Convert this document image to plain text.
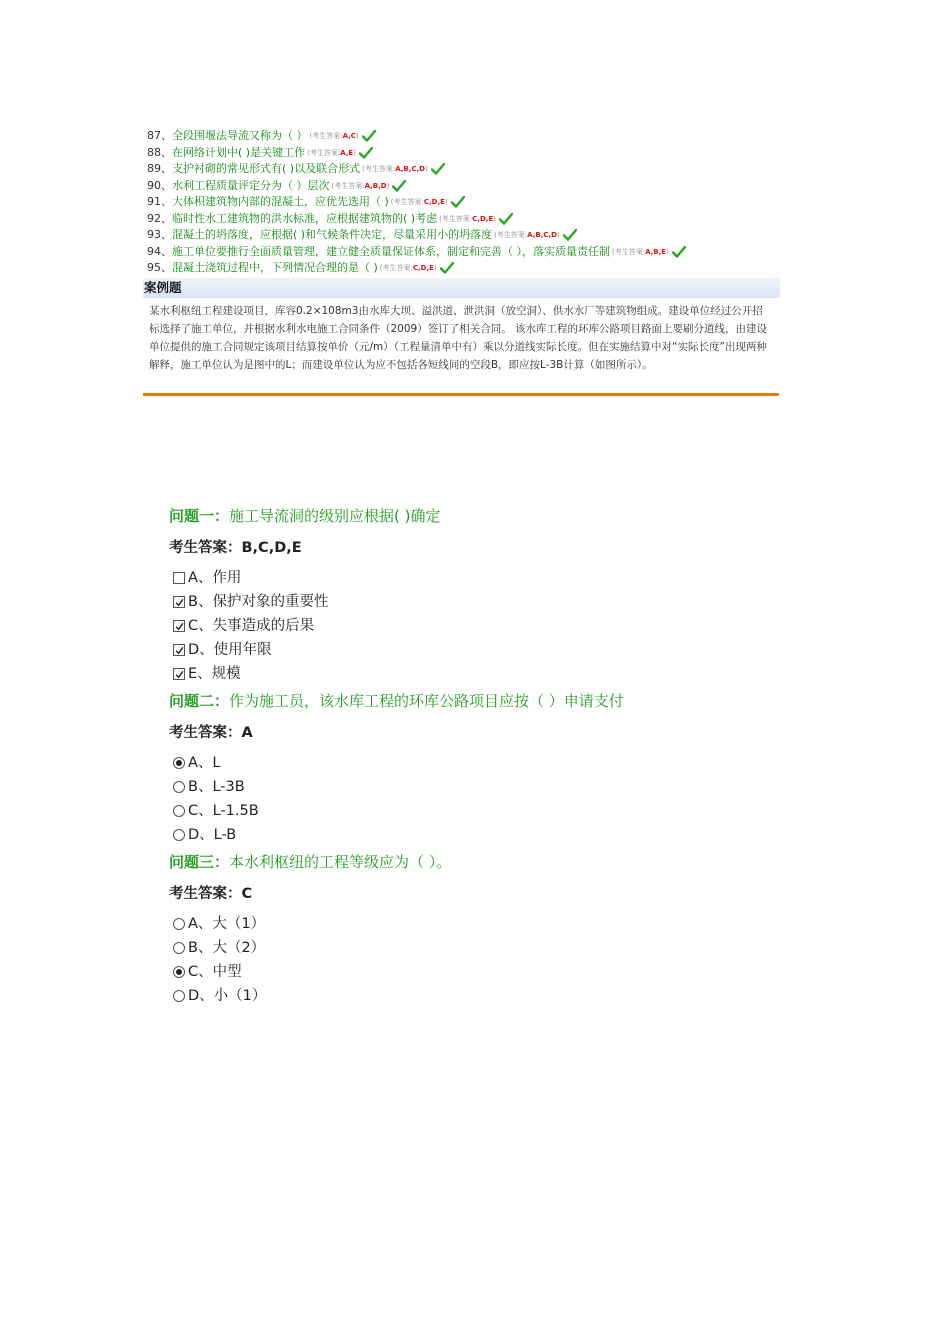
87、 全段围堰法导流又称为（ ） (考生答案:A,C)
88、 在网络计划中( )是关键工作 (考生答案:A,E)
89、 支护衬砌的常见形式有( )以及联合形式 (考生答案:A,B,C,D)
90、 水利工程质量评定分为（ ）层次 (考生答案:A,B,D)
91、 大体积建筑物内部的混凝土，应优先选用（ ) (考生答案:C,D,E)
92、 临时性水工建筑物的洪水标准，应根据建筑物的( )考虑 (考生答案:C,D,E)
93、 混凝土的坍落度，应根据( )和气候条件决定，尽量采用小的坍落度 (考生答案:A,B,C,D)
94、 施工单位要推行全面质量管理，建立健全质量保证体系，制定和完善（ ），落实质量责任制 (考生答案:A,B,E)
95、 混凝土浇筑过程中，下列情况合理的是（ ) (考生答案:C,D,E)
案例题

某水利枢纽工程建设项目，库容0.2×108m3由水库大坝、溢洪道、泄洪洞（放空洞）、供水水厂等建筑物组成。建设单位经过公开招标选择了施工单位，并根据水利水电施工合同条件（2009）签订了相关合同。 该水库工程的环库公路项目路面上要刷分道线，由建设单位提供的施工合同规定该项目结算按单价（元/m）（工程量清单中有）乘以分道线实际长度。但在实施结算中对“实际长度”出现两种解释，施工单位认为是图中的L；而建设单位认为应不包括各短线间的空段B，即应按L-3B计算（如图所示）。

问题一：施工导流洞的级别应根据( )确定
考生答案：B,C,D,E
A、作用
B、保护对象的重要性
C、失事造成的后果
D、使用年限
E、规模
问题二：作为施工员，该水库工程的环库公路项目应按（ ）申请支付
考生答案：A
A、L
B、L-3B
C、L-1.5B
D、L-B
问题三：本水利枢纽的工程等级应为（ ）。
考生答案：C
A、大（1）
B、大（2）
C、中型
D、小（1）
